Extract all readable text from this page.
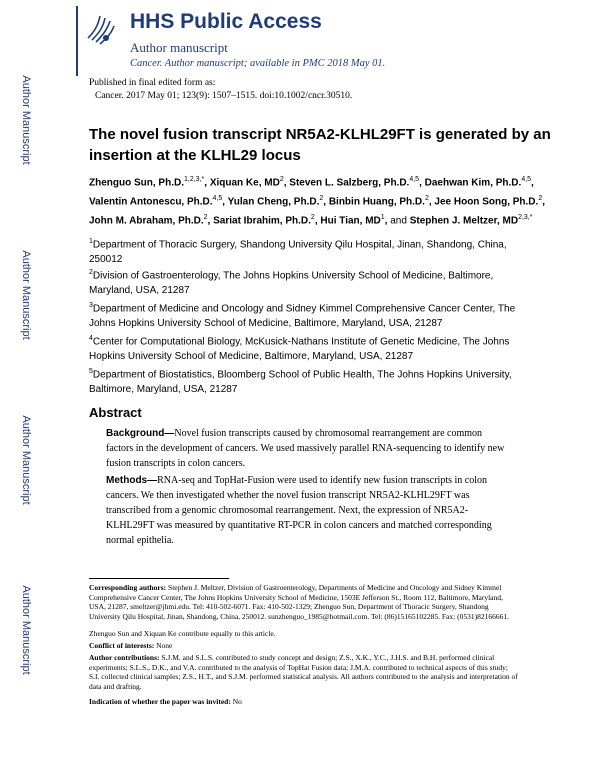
Author Manuscript
Author Manuscript
Author Manuscript
Author Manuscript
HHS Public Access
Author manuscript
Cancer. Author manuscript; available in PMC 2018 May 01.
Published in final edited form as:
Cancer. 2017 May 01; 123(9): 1507–1515. doi:10.1002/cncr.30510.
The novel fusion transcript NR5A2-KLHL29FT is generated by an insertion at the KLHL29 locus
Zhenguo Sun, Ph.D.$^{1,2,3,*}$, Xiquan Ke, $MD^2$, Steven L. Salzberg, Ph.D.$^{4,5}$, Daehwan Kim, Ph.D.$^{4,5}$, Valentin Antonescu, Ph.D.$^{4,5}$, Yulan Cheng, Ph.D.$^2$, Binbin Huang, Ph.D.$^2$, Jee Hoon Song, Ph.D.$^2$, John M. Abraham, Ph.D.$^2$, Sariat Ibrahim, Ph.D.$^2$, Hui Tian, $MD^1$, and Stephen J. Meltzer, $MD^{2,3,*}$
$^1$Department of Thoracic Surgery, Shandong University Qilu Hospital, Jinan, Shandong, China, 250012
$^2$Division of Gastroenterology, The Johns Hopkins University School of Medicine, Baltimore, Maryland, USA, 21287
$^3$Department of Medicine and Oncology and Sidney Kimmel Comprehensive Cancer Center, The Johns Hopkins University School of Medicine, Baltimore, Maryland, USA, 21287
$^4$Center for Computational Biology, McKusick-Nathans Institute of Genetic Medicine, The Johns Hopkins University School of Medicine, Baltimore, Maryland, USA, 21287
$^5$Department of Biostatistics, Bloomberg School of Public Health, The Johns Hopkins University, Baltimore, Maryland, USA, 21287
Abstract
Background—Novel fusion transcripts caused by chromosomal rearrangement are common factors in the development of cancers. We used massively parallel RNA-sequencing to identify new fusion transcripts in colon cancers.
Methods—RNA-seq and TopHat-Fusion were used to identify new fusion transcripts in colon cancers. We then investigated whether the novel fusion transcript NR5A2-KLHL29FT was transcribed from a genomic chromosomal rearrangement. Next, the expression of NR5A2-KLHL29FT was measured by quantitative RT-PCR in colon cancers and matched corresponding normal epithelia.
Corresponding authors: Stephen J. Meltzer, Division of Gastroenterology, Departments of Medicine and Oncology and Sidney Kimmel Comprehensive Cancer Center, The Johns Hopkins University School of Medicine, 1503E Jefferson St., Room 112, Baltimore, Maryland, USA, 21287, smeltzer@jhmi.edu. Tel: 410-502-6071. Fax: 410-502-1329; Zhenguo Sun, Department of Thoracic Surgery, Shandong University Qilu Hospital, Jinan, Shandong, China, 250012. sunzhenguo_1985@hotmail.com. Tel: (86)15165102285. Fax: (0531)82166661.
Zhenguo Sun and Xiquan Ke contribute equally to this article.
Conflict of interests: None
Author contributions: S.J.M. and S.L.S. contributed to study concept and design; Z.S., X.K., Y.C., J.H.S. and B.H. performed clinical experiments; S.L.S., D.K., and V.A. contributed to the analysis of TopHat Fusion data; J.M.A. contributed to technical aspects of this study; S.I. collected clinical samples; Z.S., H.T., and S.J.M. performed statistical analysis. All authors contributed to the analysis and interpretation of data and drafting.
Indication of whether the paper was invited: No
